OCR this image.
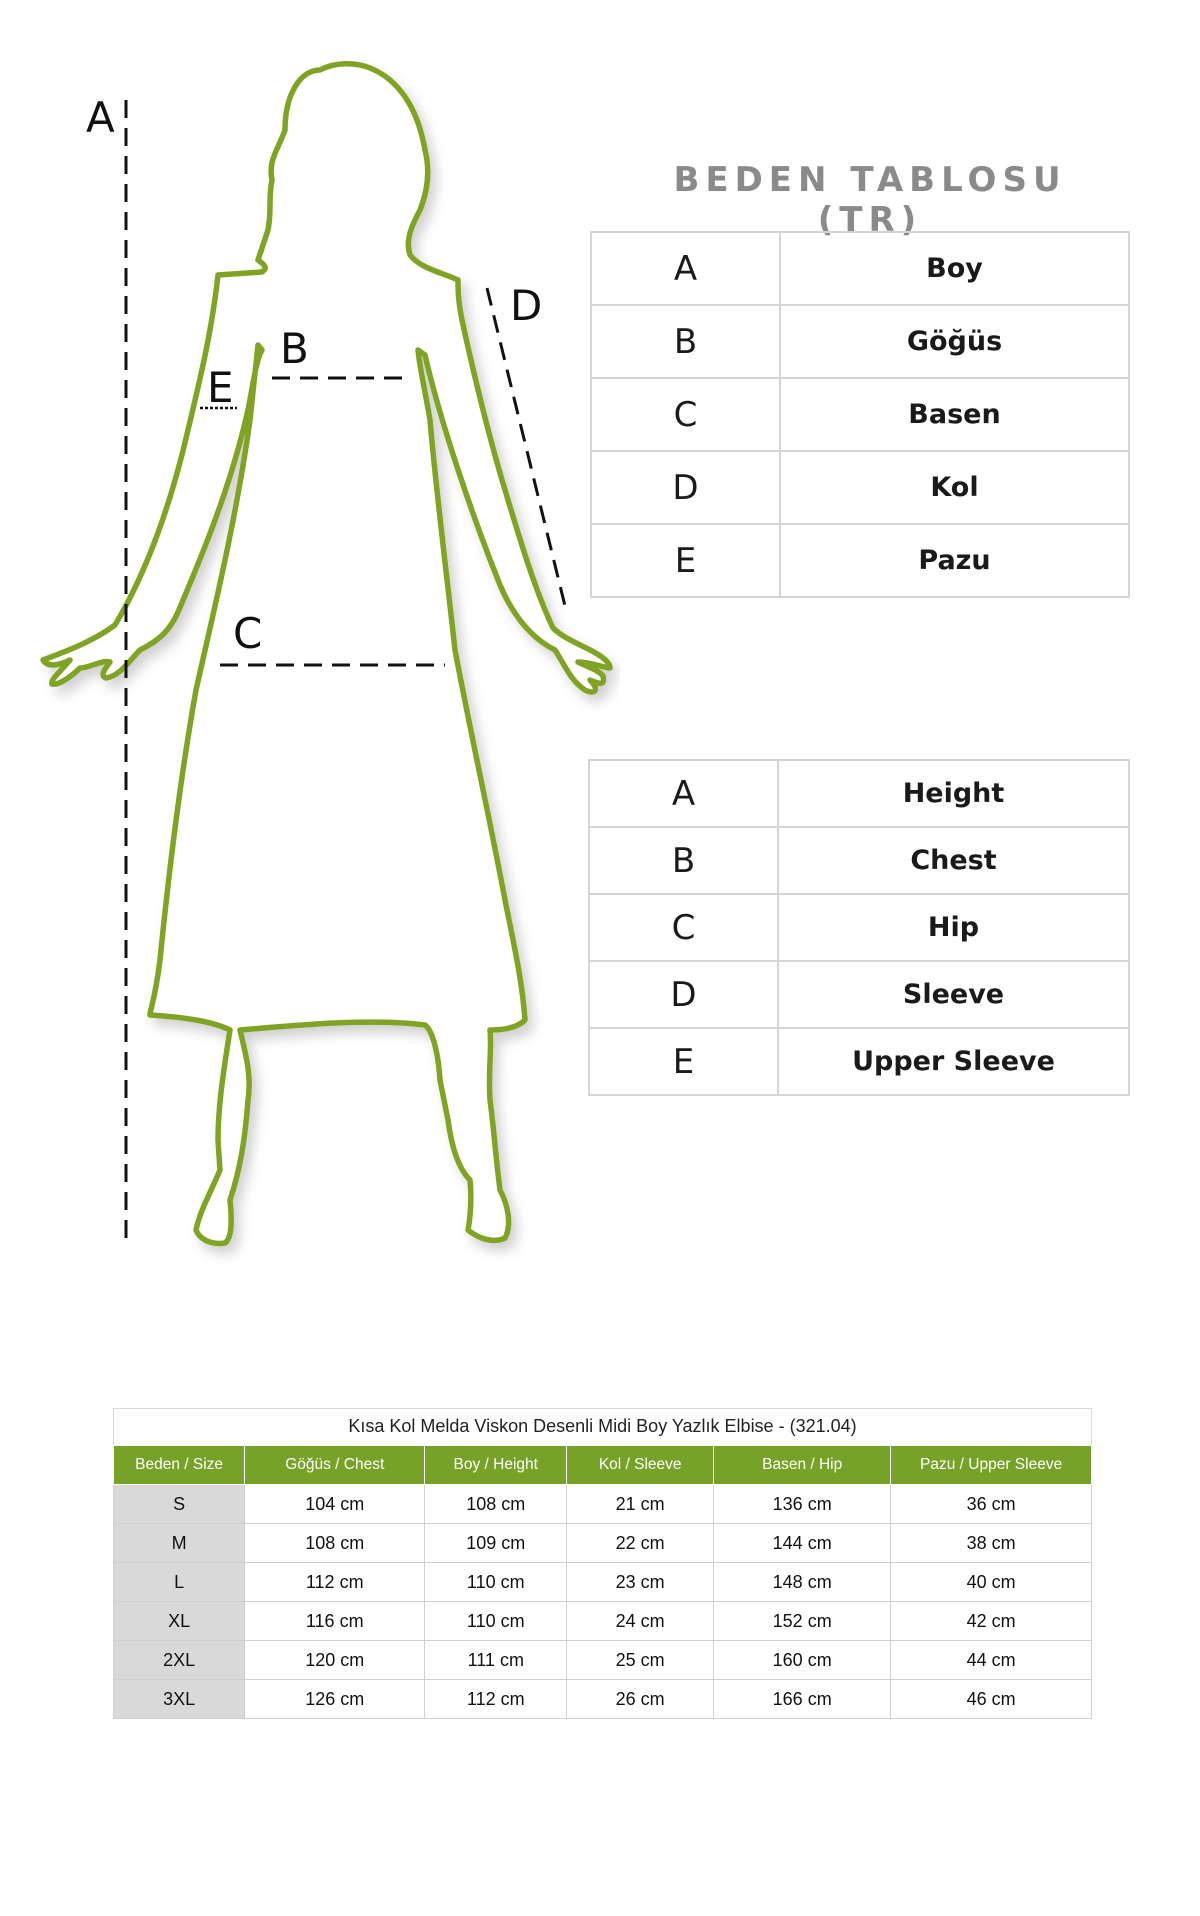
A
B
C
D
E
BEDEN TABLOSU (TR)
A	Boy
B	Göğüs
C	Basen
D	Kol
E	Pazu
A	Height
B	Chest
C	Hip
D	Sleeve
E	Upper Sleeve
Kısa Kol Melda Viskon Desenli Midi Boy Yazlık Elbise - (321.04)
Beden / Size	Göğüs / Chest	Boy / Height	Kol / Sleeve	Basen / Hip	Pazu / Upper Sleeve
S	104 cm	108 cm	21 cm	136 cm	36 cm
M	108 cm	109 cm	22 cm	144 cm	38 cm
L	112 cm	110 cm	23 cm	148 cm	40 cm
XL	116 cm	110 cm	24 cm	152 cm	42 cm
2XL	120 cm	111 cm	25 cm	160 cm	44 cm
3XL	126 cm	112 cm	26 cm	166 cm	46 cm
